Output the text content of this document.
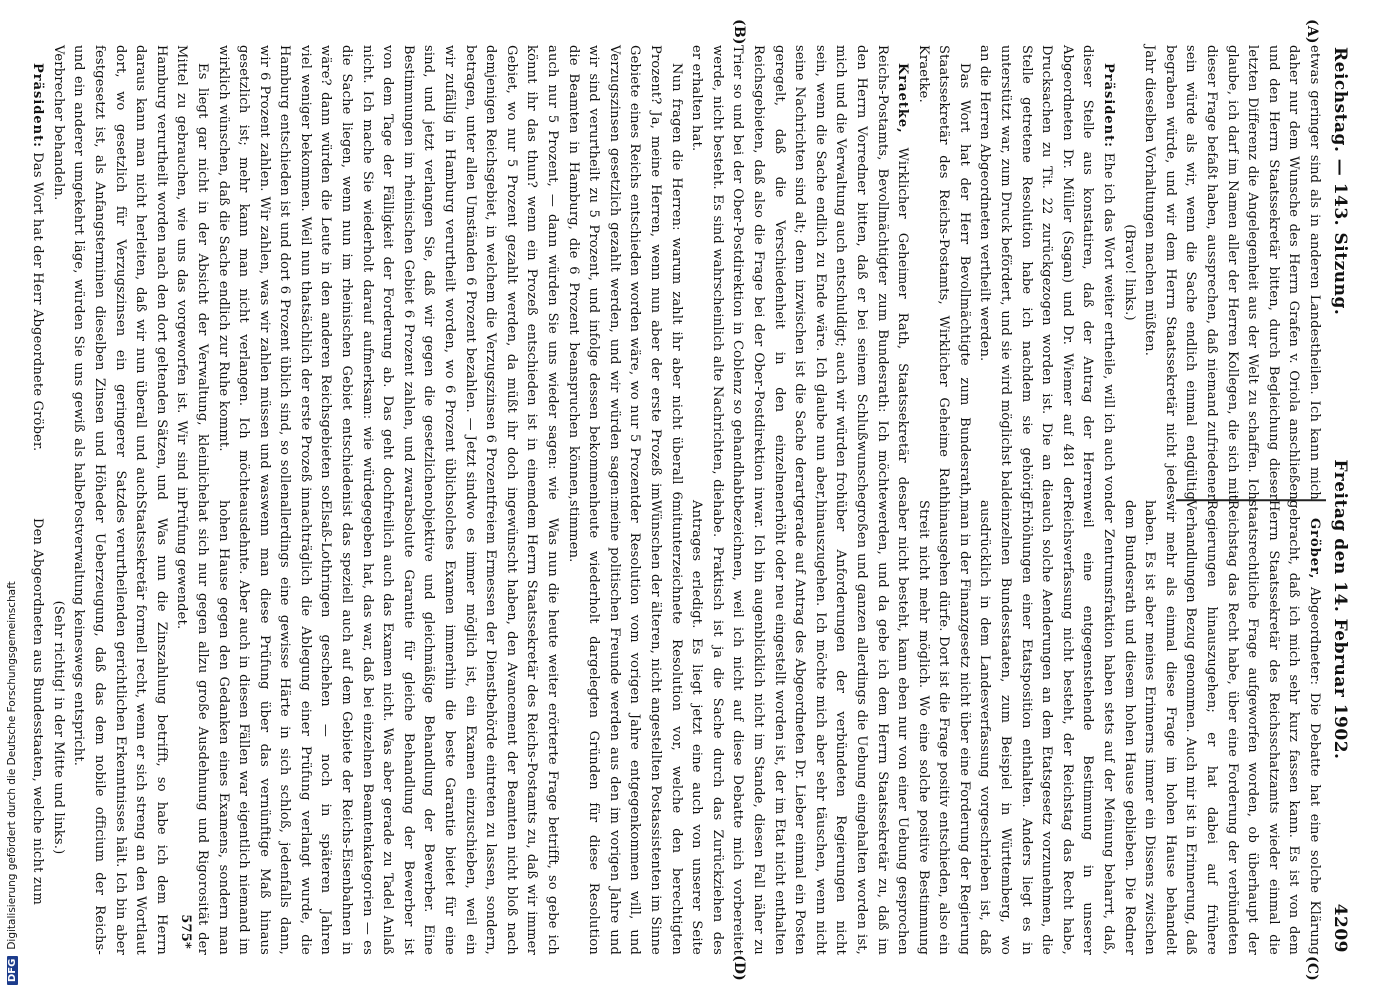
DFGDigitalisierung gefördert durch die Deutsche Forschungsgemeinschaft
Reichstag. — 143. Sitzung.
Freitag den 14. Februar 1902.
4209
(A)
(B)

etwas geringer sind als in anderen Landestheilen. Ich kann mich daher nur dem Wunsche des Herrn Grafen v. Oriola anschließen und den Herrn Staatssekretär bitten, durch Begleichung dieser letzten Differenz die Angelegenheit aus der Welt zu schaffen. Ich glaube, ich darf im Namen aller der Herren Kollegen, die sich mit dieser Frage befaßt haben, aussprechen, daß niemand zufriedener sein würde als wir, wenn die Sache endlich einmal endgültig begraben würde, und wir dem Herrn Staatssekretär nicht jedes Jahr dieselben Vorhaltungen machen müßten.

(Bravo! links.)

Präsident: Ehe ich das Wort weiter ertheile, will ich auch von dieser Stelle aus konstatiren, daß der Antrag der Herren Abgeordneten Dr. Müller (Sagan) und Dr. Wiemer auf 481 der Drucksachen zu Tit. 22 zurückgezogen worden ist. Die an die Stelle getretene Resolution habe ich nachdem sie gehörig unterstützt war, zum Druck befördert, und sie wird möglichst bald an die Herren Abgeordneten vertheilt werden.

Das Wort hat der Herr Bevollmächtigte zum Bundesrath, Staatssekretär des Reichs-Postamts, Wirklicher Geheime Rath Kraetke.

Kraetke, Wirklicher Geheimer Rath, Staatssekretär des Reichs-Postamts, Bevollmächtigter zum Bundesrath: Ich möchte den Herrn Vorredner bitten, daß er bei seinem Schlußwunsche mich und die Verwaltung auch entschuldigt; auch wir würden froh sein, wenn die Sache endlich zu Ende wäre. Ich glaube nun aber, seine Nachrichten sind alt; denn inzwischen ist die Sache derart geregelt, daß die Verschiedenheit in den einzelnen Reichsgebieten, daß also die Frage bei der Ober-Postdirektion in Trier so und bei der Ober-Postdirektion in Coblenz so gehandhabt werde, nicht besteht. Es sind wahrscheinlich alte Nachrichten, die er erhalten hat.

Nun fragen die Herren: warum zahlt ihr aber nicht überall 6 Prozent? Ja, meine Herren, wenn nun aber der erste Prozeß im Gebiete eines Reichs entschieden worden wäre, wo nur 5 Prozent Verzugszinsen gesetzlich gezahlt werden, und wir würden sagen: wir sind verurtheilt zu 5 Prozent, und infolge dessen bekommen die Beamten in Hamburg, die 6 Prozent beanspruchen können, auch nur 5 Prozent, — dann würden Sie uns wieder sagen: wie könnt ihr das thun? wenn ein Prozeß entschieden ist in einem Gebiet, wo nur 5 Prozent gezahlt werden, da müßt ihr doch in demjenigen Reichsgebiet, in welchem die Verzugszinsen 6 Prozent betragen, unter allen Umständen 6 Prozent bezahlen. — Jetzt sind wir zufällig in Hamburg verurtheilt worden, wo 6 Prozent üblich sind, und jetzt verlangen Sie, daß wir gegen die gesetzlichen Bestimmungen im rheinischen Gebiet 6 Prozent zahlen, und zwar von dem Tage der Fälligkeit der Forderung ab. Das geht doch nicht. Ich mache Sie wiederholt darauf aufmerksam: wie würde die Sache liegen, wenn nun im rheinischen Gebiet entschieden wäre? dann würden die Leute in den anderen Reichsgebieten so viel weniger bekommen. Weil nun thatsächlich der erste Prozeß in Hamburg entschieden ist und dort 6 Prozent üblich sind, so sollen wir 6 Prozent zahlen. Wir zahlen, was wir zahlen müssen und was gesetzlich ist; mehr kann man nicht verlangen. Ich möchte wirklich wünschen, daß die Sache endlich zur Ruhe kommt.

Es liegt gar nicht in der Absicht der Verwaltung, kleinliche Mittel zu gebrauchen, wie uns das vorgeworfen ist. Wir sind in Hamburg verurtheilt worden nach den dort geltenden Sätzen, und daraus kann man nicht herleiten, daß wir nun überall und auch dort, wo gesetzlich für Verzugszinsen ein geringerer Satz festgesetzt ist, als Anfangsterminen dieselben Zinsen und Höhe und ein anderer umgekehrt läge, würden Sie uns gewiß als halbe Verbrecher behandeln.

Präsident: Das Wort hat der Herr Abgeordnete Gröber.

(C)
(D)

Gröber, Abgeordneter: Die Debatte hat eine solche Klärung gebracht, daß ich mich sehr kurz fassen kann. Es ist von dem Herrn Staatssekretär des Reichsschatzamts wieder einmal die staatsrechtliche Frage aufgeworfen worden, ob überhaupt der Reichstag das Recht habe, über eine Forderung der verbündeten Regierungen hinauszugehen; er hat dabei auf frühere Verhandlungen Bezug genommen. Auch mir ist in Erinnerung, daß wir mehr als einmal diese Frage im hohen Hause behandelt haben. Es ist aber meines Erinnerns immer ein Dissens zwischen dem Bundesrath und diesem hohen Hause geblieben. Die Redner der Zentrumsfraktion haben stets auf der Meinung beharrt, daß, weil eine entgegenstehende Bestimmung in unserer Reichsverfassung nicht besteht, der Reichstag das Recht habe, auch solche Aenderungen an dem Etatsgesetz vorzunehmen, die Erhöhungen einer Etatsposition enthalten. Anders liegt es in einzelnen Bundesstaaten, zum Beispiel in Württemberg, wo ausdrücklich in dem Landesverfassung vorgeschrieben ist, daß man in der Finanzgesetz nicht über eine Forderung der Regierung hinausgehen dürfe. Dort ist die Frage positiv entschieden, also ein Streit nicht mehr möglich. Wo eine solche positive Bestimmung aber nicht besteht, kann eben nur von einer Uebung gesprochen werden, und da gebe ich dem Herrn Staatssekretär zu, daß im großen und ganzen allerdings die Uebung eingehalten worden ist, über Anforderungen der verbündeten Regierungen nicht hinauszugehen. Ich möchte mich aber sehr täuschen, wenn nicht gerade auf Antrag des Abgeordneten Dr. Lieber einmal ein Posten erhöht oder neu eingestellt worden ist, der im Etat nicht enthalten war. Ich bin augenblicklich nicht im Stande, diesen Fall näher zu bezeichnen, weil ich nicht auf diese Debatte mich vorbereitet habe. Praktisch ist ja die Sache durch das Zurückziehen des Antrages erledigt. Es liegt jetzt eine auch von unserer Seite mitunterzeichnete Resolution vor, welche den berechtigten Wünschen der älteren, nicht angestellten Postassistenten im Sinne der Resolution vom vorigen Jahre entgegenkommen will, und meine politischen Freunde werden aus den im vorigen Jahre und heute wiederholt dargelegten Gründen für diese Resolution stimmen.

Was nun die heute weiter erörterte Frage betrifft, so gebe ich dem Herrn Staatssekretär des Reichs-Postamts zu, daß wir immer gewünscht haben, den Avancement der Beamten nicht bloß nach freiem Ermessen der Dienstbehörde eintreten zu lassen, sondern, wo es immer möglich ist, ein Examen einzuschieben, weil ein solches Examen immerhin die beste Garantie bietet für eine objektive und gleichmäßige Behandlung der Bewerber. Eine absolute Garantie für gleiche Behandlung der Bewerber ist freilich auch das Examen nicht. Was aber gerade zu Tadel Anlaß gegeben hat, das war, daß bei einzelnen Beamtenkategorien — es ist das speziell auch auf dem Gebiete der Reichs-Eisenbahnen in Elsaß-Lothringen geschehen — noch in späteren Jahren nachträglich die Ablegung einer Prüfung verlangt wurde, die allerdings eine gewisse Härte in sich schloß, jedenfalls dann, wenn man diese Prüfung über das vernünftige Maß hinaus ausdehnte. Aber auch in diesen Fällen war eigentlich niemand im hohen Hause gegen den Gedanken eines Examens, sondern man hat sich nur gegen allzu große Ausdehnung und Rigorosität der Prüfung gewendet.

Was nun die Zinszahlung betrifft, so habe ich dem Herrn Staatssekretär formell recht, wenn er sich streng an den Wortlaut des verurtheilenden gerichtlichen Erkenntnisses hält. Ich bin aber der Ueberzeugung, daß das dem nobile officium der Reichs-Postverwaltung keineswegs entspricht.

(Sehr richtig! in der Mitte und links.)

Den Abgeordneten aus Bundesstaaten, welche nicht zum

575*
